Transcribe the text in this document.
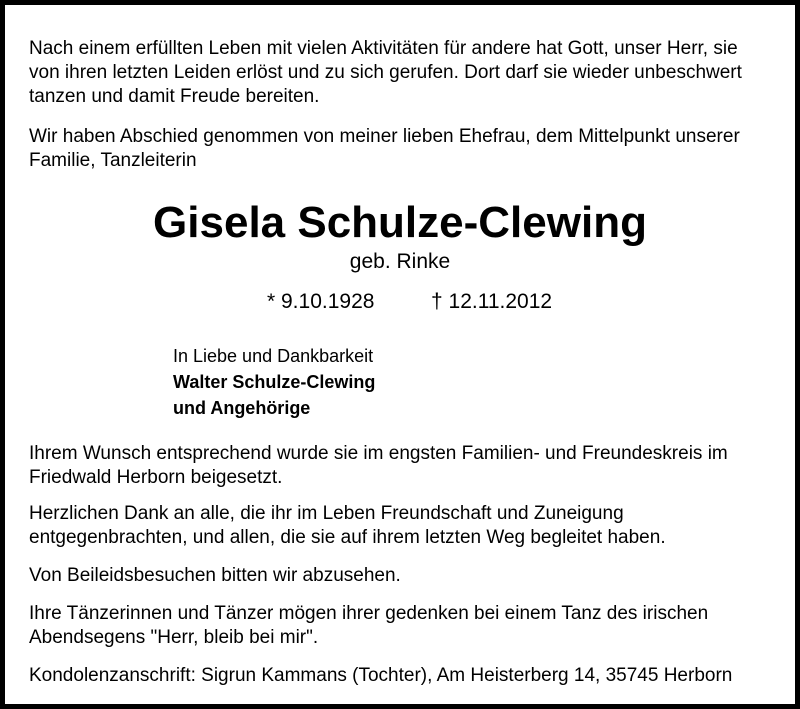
Nach einem erfüllten Leben mit vielen Aktivitäten für andere hat Gott, unser Herr, sie
von ihren letzten Leiden erlöst und zu sich gerufen. Dort darf sie wieder unbeschwert
tanzen und damit Freude bereiten.
Wir haben Abschied genommen von meiner lieben Ehefrau, dem Mittelpunkt unserer
Familie, Tanzleiterin
Gisela Schulze-Clewing

geb. Rinke

* 9.10.1928	† 12.11.2012

In Liebe und Dankbarkeit
Walter Schulze-Clewing
und Angehörige
Ihrem Wunsch entsprechend wurde sie im engsten Familien- und Freundeskreis im
Friedwald Herborn beigesetzt.
Herzlichen Dank an alle, die ihr im Leben Freundschaft und Zuneigung
entgegenbrachten, und allen, die sie auf ihrem letzten Weg begleitet haben.
Von Beileidsbesuchen bitten wir abzusehen.
Ihre Tänzerinnen und Tänzer mögen ihrer gedenken bei einem Tanz des irischen
Abendsegens "Herr, bleib bei mir".
Kondolenzanschrift: Sigrun Kammans (Tochter), Am Heisterberg 14, 35745 Herborn
